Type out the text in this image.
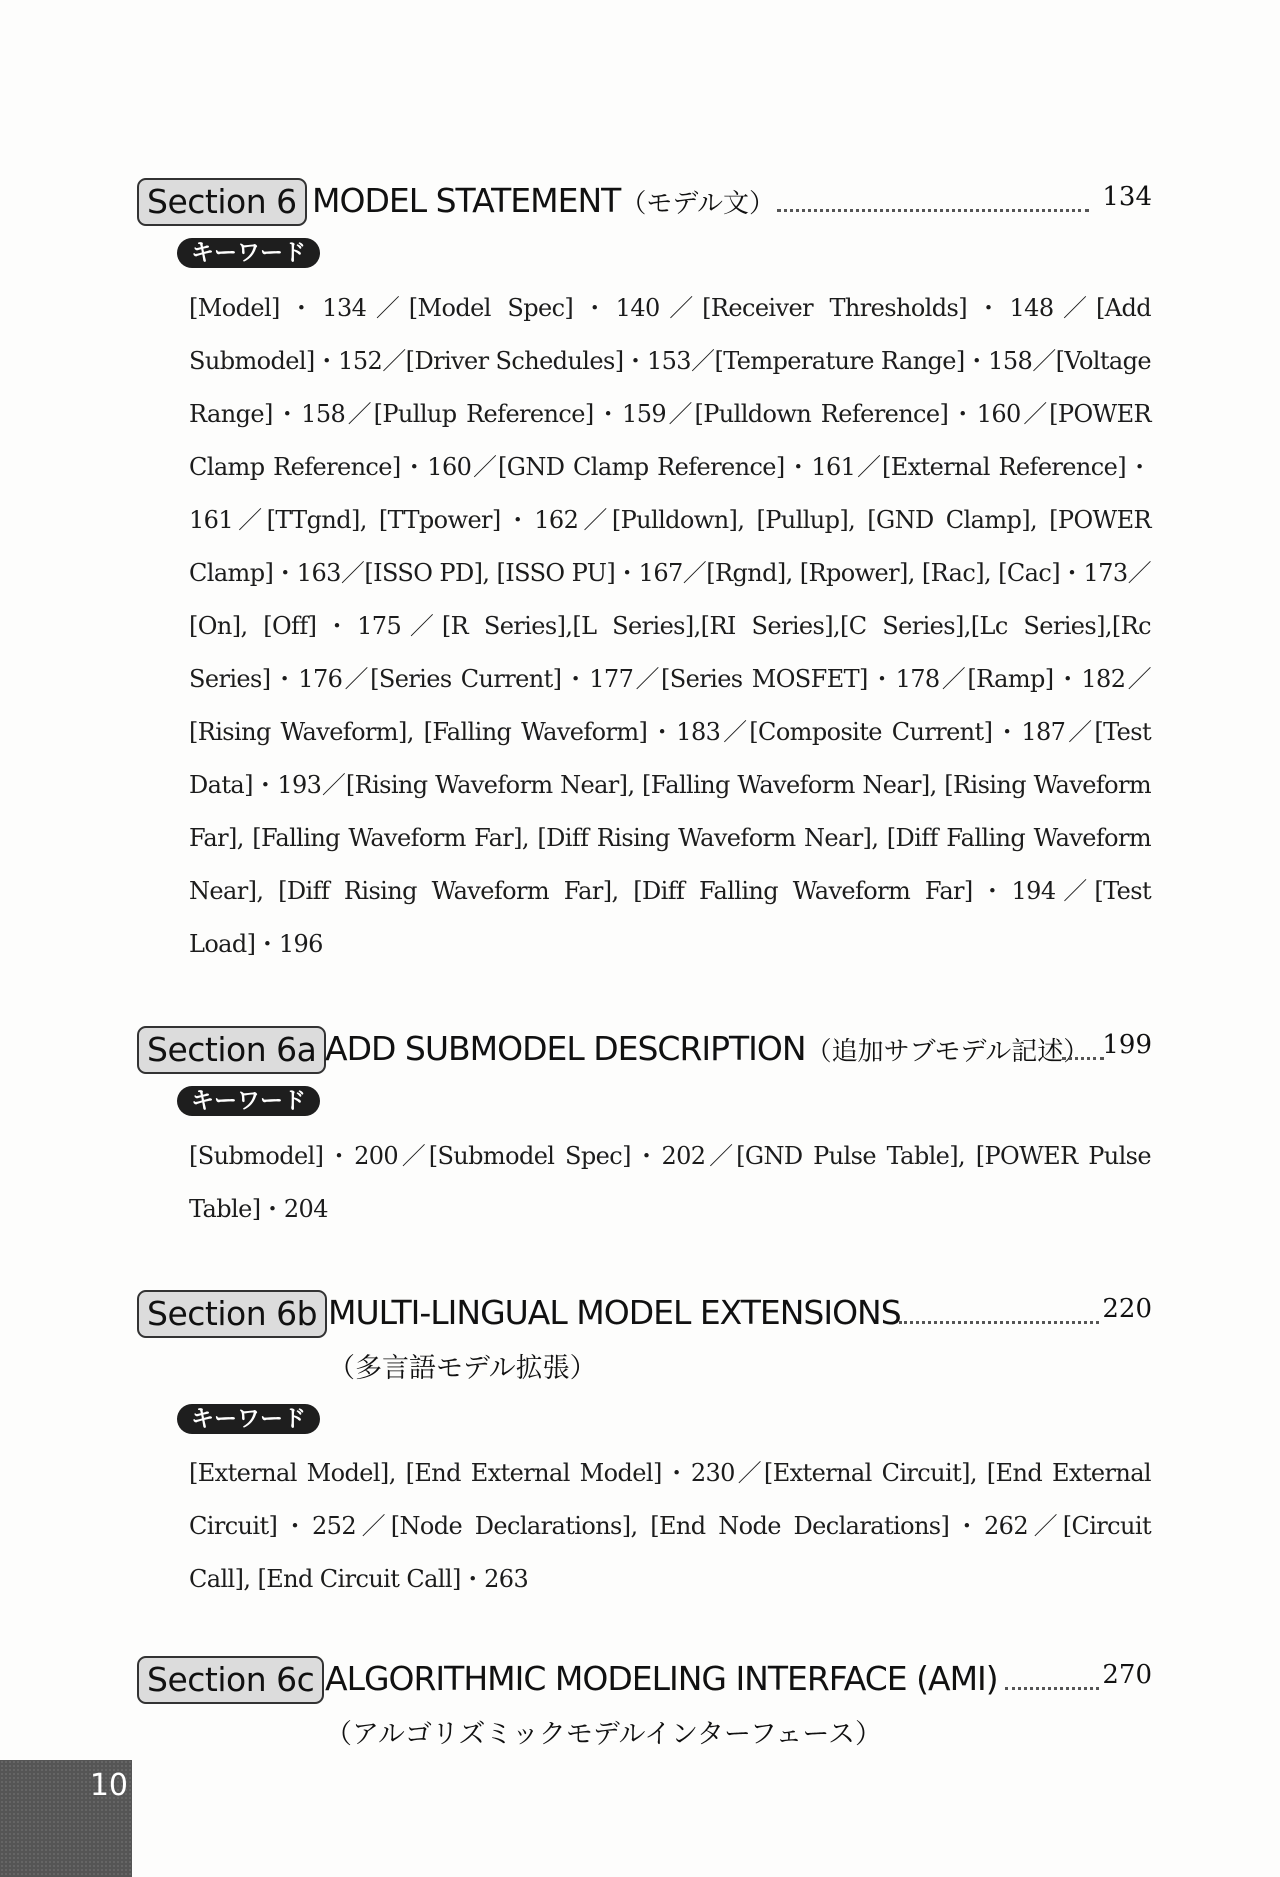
Section 6 MODEL STATEMENT（モデル文）	134
キーワード
[Model]・134／[Model Spec]・140／[Receiver Thresholds]・148／[Add Submodel]・152／[Driver Schedules]・153／[Temperature Range]・158／[Voltage Range]・158／[Pullup Reference]・159／[Pulldown Reference]・160／[POWER Clamp Reference]・160／[GND Clamp Reference]・161／[External Reference]・161／[TTgnd], [TTpower]・162／[Pulldown], [Pullup], [GND Clamp], [POWER Clamp]・163／[ISSO PD], [ISSO PU]・167／[Rgnd], [Rpower], [Rac], [Cac]・173／[On], [Off]・175／[R Series],[L Series],[RI Series],[C Series],[Lc Series],[Rc Series]・176／[Series Current]・177／[Series MOSFET]・178／[Ramp]・182／[Rising Waveform], [Falling Waveform]・183／[Composite Current]・187／[Test Data]・193／[Rising Waveform Near], [Falling Waveform Near], [Rising Waveform Far], [Falling Waveform Far], [Diff Rising Waveform Near], [Diff Falling Waveform Near], [Diff Rising Waveform Far], [Diff Falling Waveform Far]・194／[Test Load]・196
Section 6a ADD SUBMODEL DESCRIPTION（追加サブモデル記述） 199
キーワード
[Submodel]・200／[Submodel Spec]・202／[GND Pulse Table], [POWER Pulse Table]・204
Section 6b MULTI-LINGUAL MODEL EXTENSIONS	220
（多言語モデル拡張）
キーワード
[External Model], [End External Model]・230／[External Circuit], [End External Circuit]・252／[Node Declarations], [End Node Declarations]・262／[Circuit Call], [End Circuit Call]・263
Section 6c ALGORITHMIC MODELING INTERFACE (AMI)	270
（アルゴリズミックモデルインターフェース）
10
